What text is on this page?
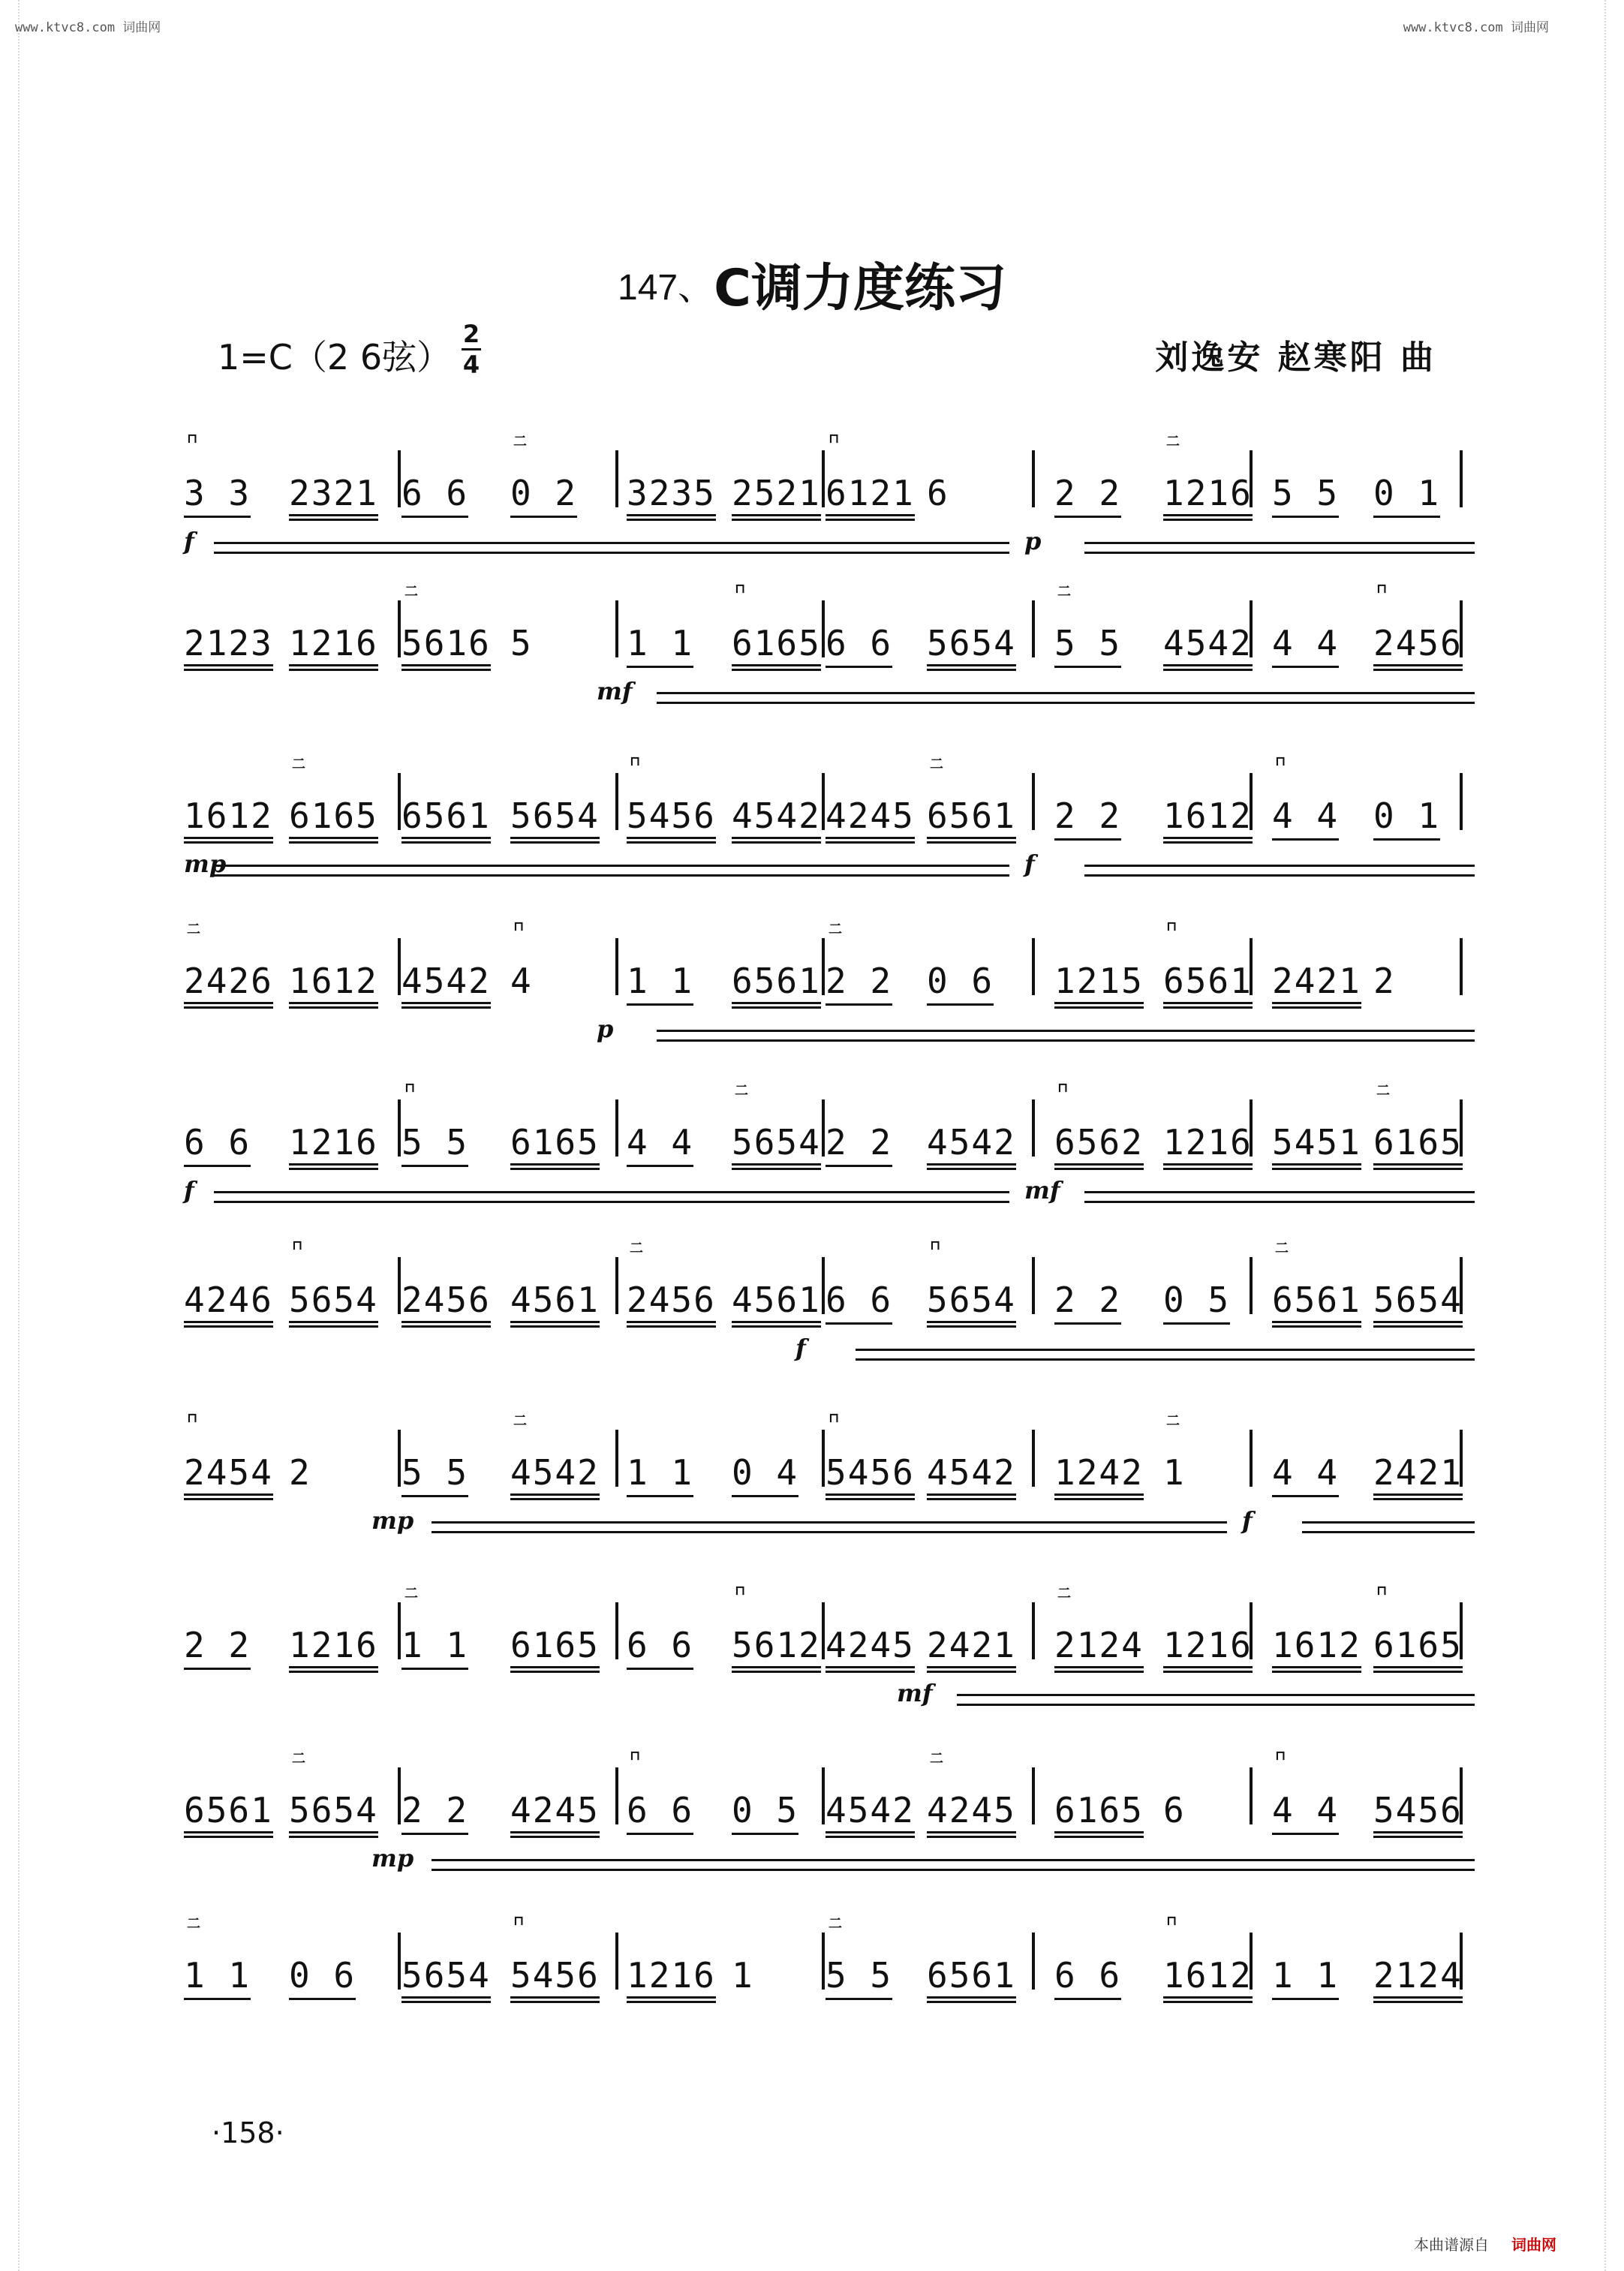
www.ktvc8.com 词曲网	www.ktvc8.com 词曲网
147、C调力度练习
1=C（2 6弦）
2
4	刘逸安 赵寒阳 曲
3 3
⊓
2321 6 6 0 2
二
3235 2521 6121
⊓
6	2 2 1216
二
5 5 0 1
f	p
2123 1216 5616
二
5	1 1 6165
⊓
6 6 5654 5 5
二
4542 4 4 2456
⊓
mf
1612 6165
二
6561 5654 5456
⊓
4542 4245 6561
二
2 2 1612 4 4
⊓
0 1
mp	f
2426
二
1612 4542 4
⊓
1 1 6561 2 2
二
0 6 1215 6561
⊓
2421 2
p
6 6 1216 5 5
⊓
6165 4 4 5654
二
2 2 4542 6562
⊓
1216 5451 6165
二
f	mf
4246 5654
⊓
2456 4561 2456
二
4561 6 6 5654
⊓
2 2 0 5 6561
二
5654
f
2454
⊓
2	5 5 4542
二
1 1 0 4 5456
⊓
4542 1242 1
二
4 4 2421
mp	f
2 2 1216 1 1
二
6165 6 6 5612
⊓
4245 2421 2124
二
1216 1612 6165
⊓
mf
6561 5654
二
2 2 4245 6 6
⊓
0 5 4542 4245
二
6165 6	4 4
⊓
5456
mp
1 1
二
0 6 5654 5456
⊓
1216 1 5 5
二
6561 6 6 1612
⊓
1 1 2124
·158·
本曲谱源自 词曲网
